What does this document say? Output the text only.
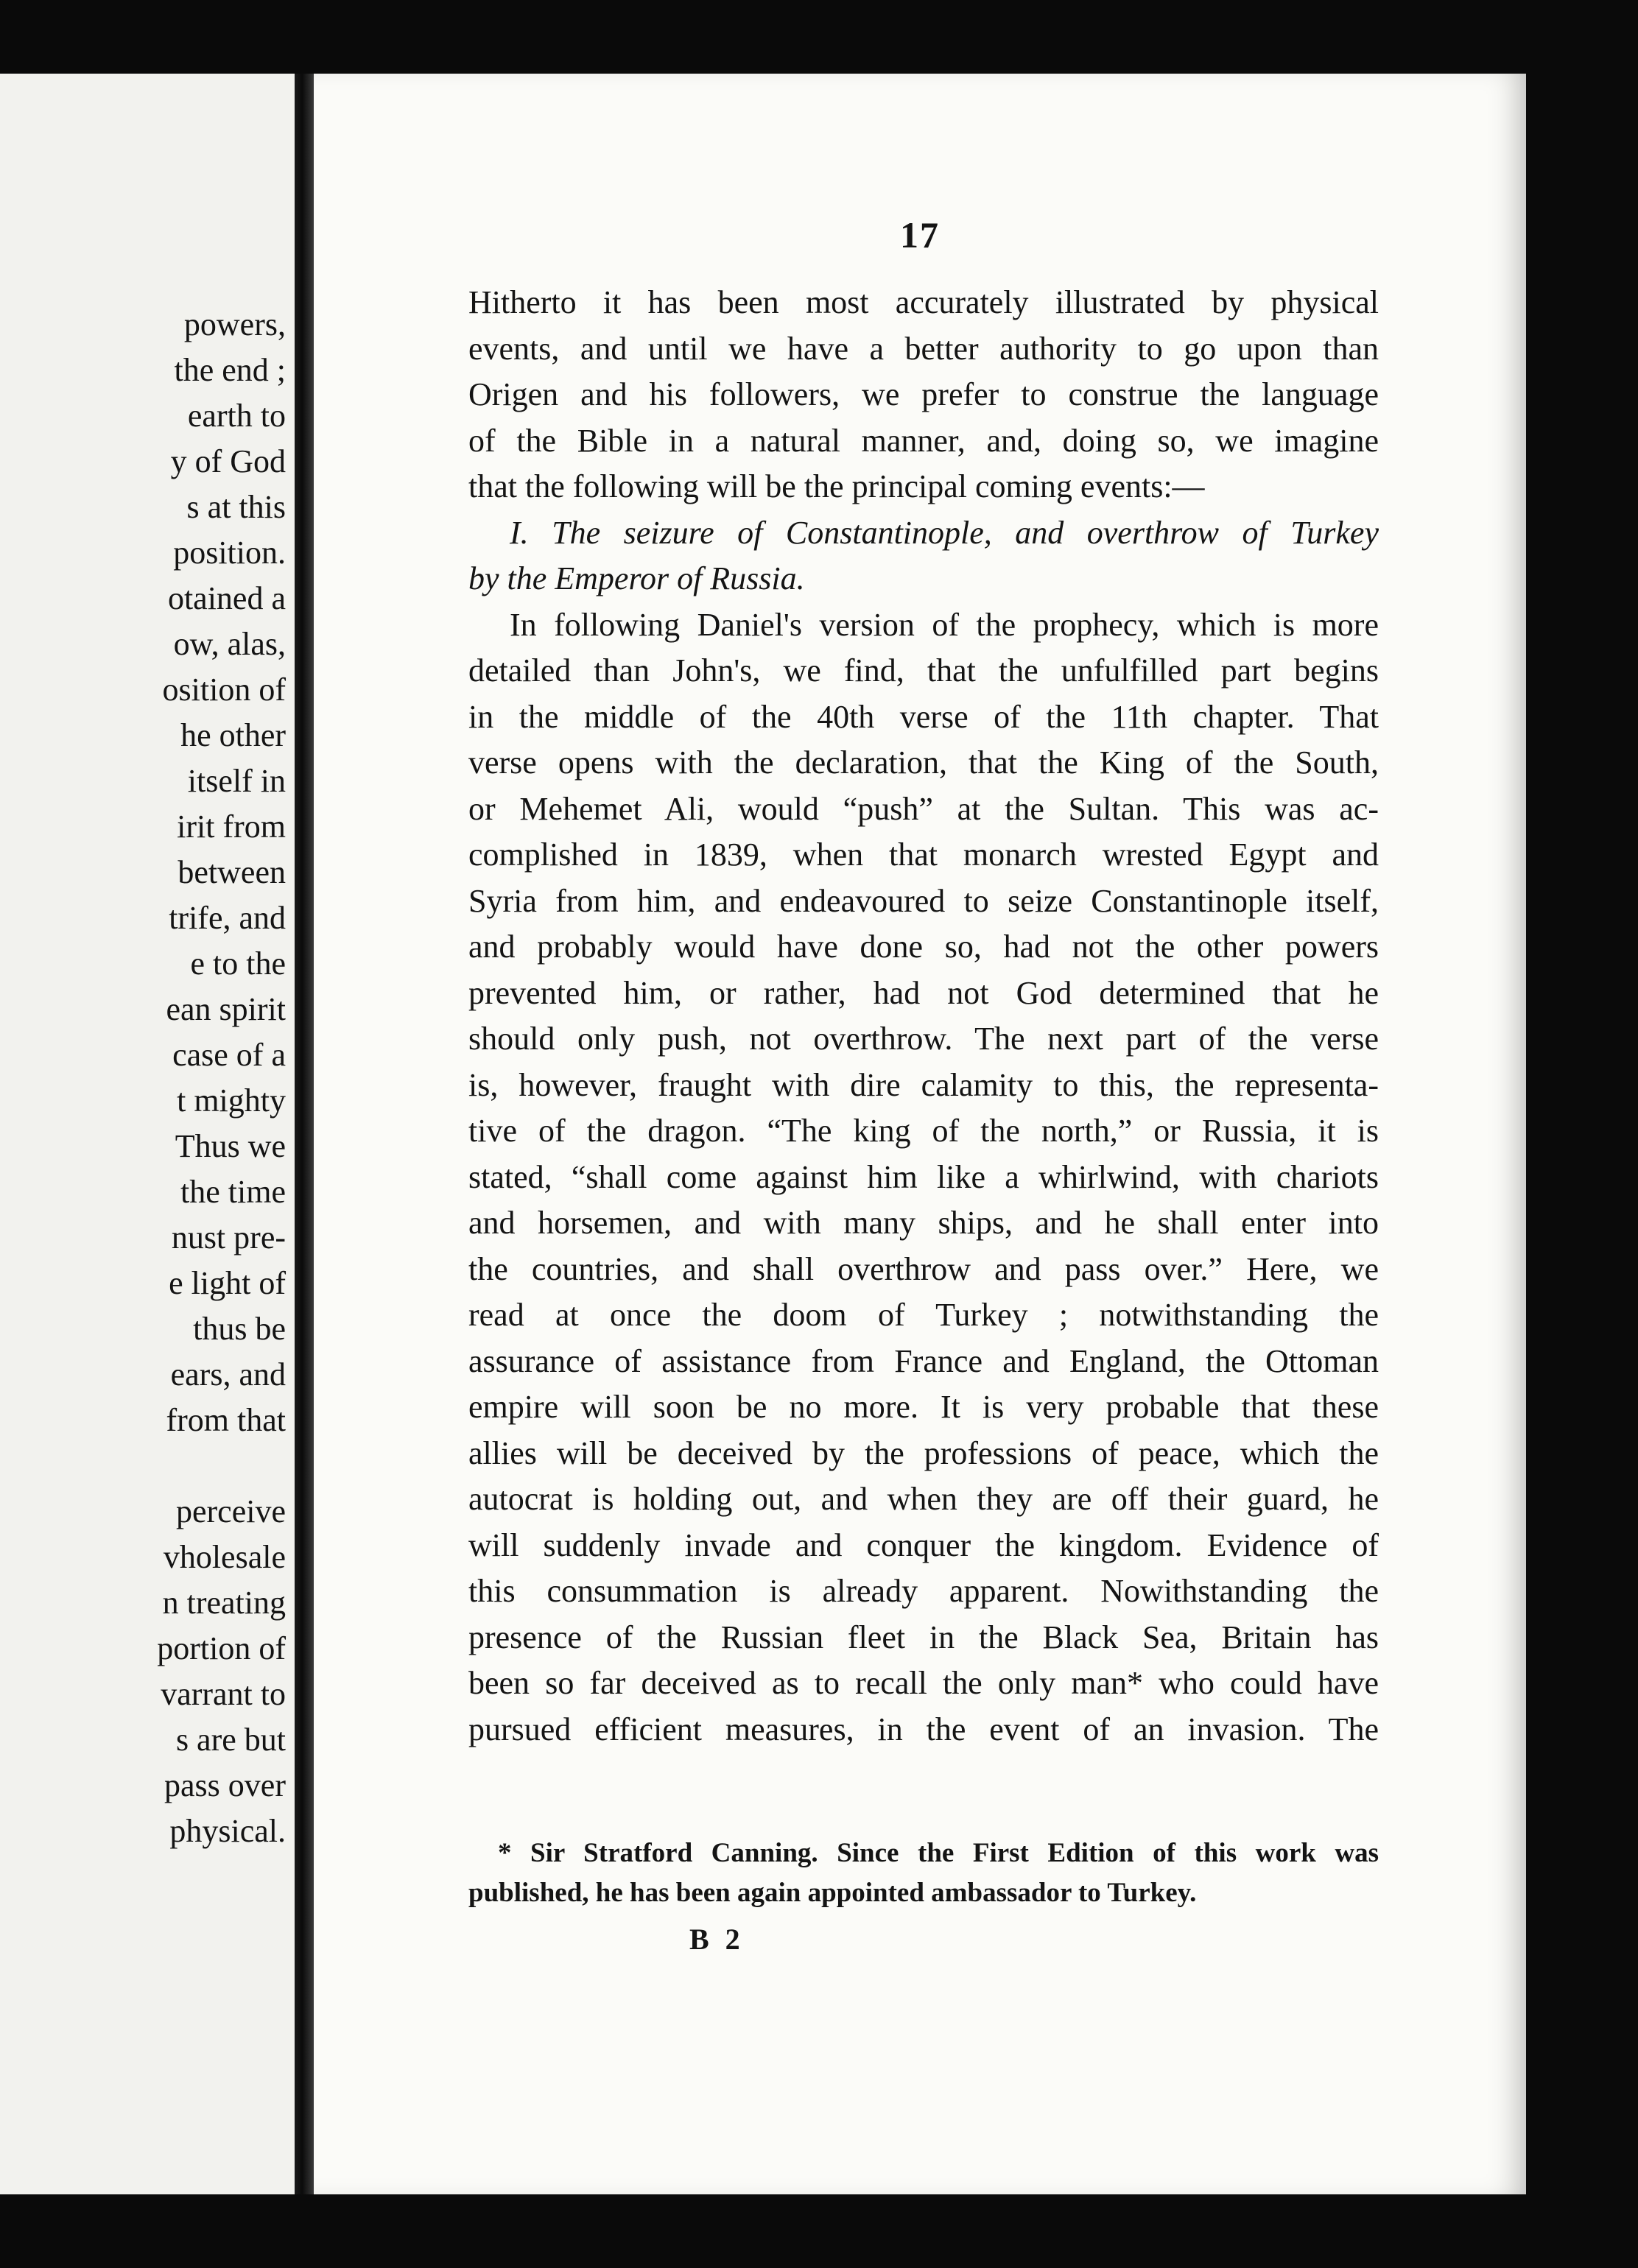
powers,
the end ;
earth to
y of God
s at this
position.
otained a
ow, alas,
osition of
he other
itself in
irit from
between
trife, and
e to the
ean spirit
case of a
t mighty
Thus we
the time
nust pre-
e light of
thus be
ears, and
from that
perceive
vholesale
n treating
portion of
varrant to
s are but
pass over
physical.
17
Hitherto it has been most accurately illustrated by physical
events, and until we have a better authority to go upon than
Origen and his followers, we prefer to construe the language
of the Bible in a natural manner, and, doing so, we imagine
that the following will be the principal coming events:—
I. The seizure of Constantinople, and overthrow of Turkey
by the Emperor of Russia.
In following Daniel's version of the prophecy, which is more
detailed than John's, we find, that the unfulfilled part begins
in the middle of the 40th verse of the 11th chapter. That
verse opens with the declaration, that the King of the South,
or Mehemet Ali, would “push” at the Sultan. This was ac-
complished in 1839, when that monarch wrested Egypt and
Syria from him, and endeavoured to seize Constantinople itself,
and probably would have done so, had not the other powers
prevented him, or rather, had not God determined that he
should only push, not overthrow. The next part of the verse
is, however, fraught with dire calamity to this, the representa-
tive of the dragon. “The king of the north,” or Russia, it is
stated, “shall come against him like a whirlwind, with chariots
and horsemen, and with many ships, and he shall enter into
the countries, and shall overthrow and pass over.” Here, we
read at once the doom of Turkey ; notwithstanding the
assurance of assistance from France and England, the Ottoman
empire will soon be no more. It is very probable that these
allies will be deceived by the professions of peace, which the
autocrat is holding out, and when they are off their guard, he
will suddenly invade and conquer the kingdom. Evidence of
this consummation is already apparent. Nowithstanding the
presence of the Russian fleet in the Black Sea, Britain has
been so far deceived as to recall the only man* who could have
pursued efficient measures, in the event of an invasion. The
* Sir Stratford Canning. Since the First Edition of this work was
published, he has been again appointed ambassador to Turkey.
B 2
